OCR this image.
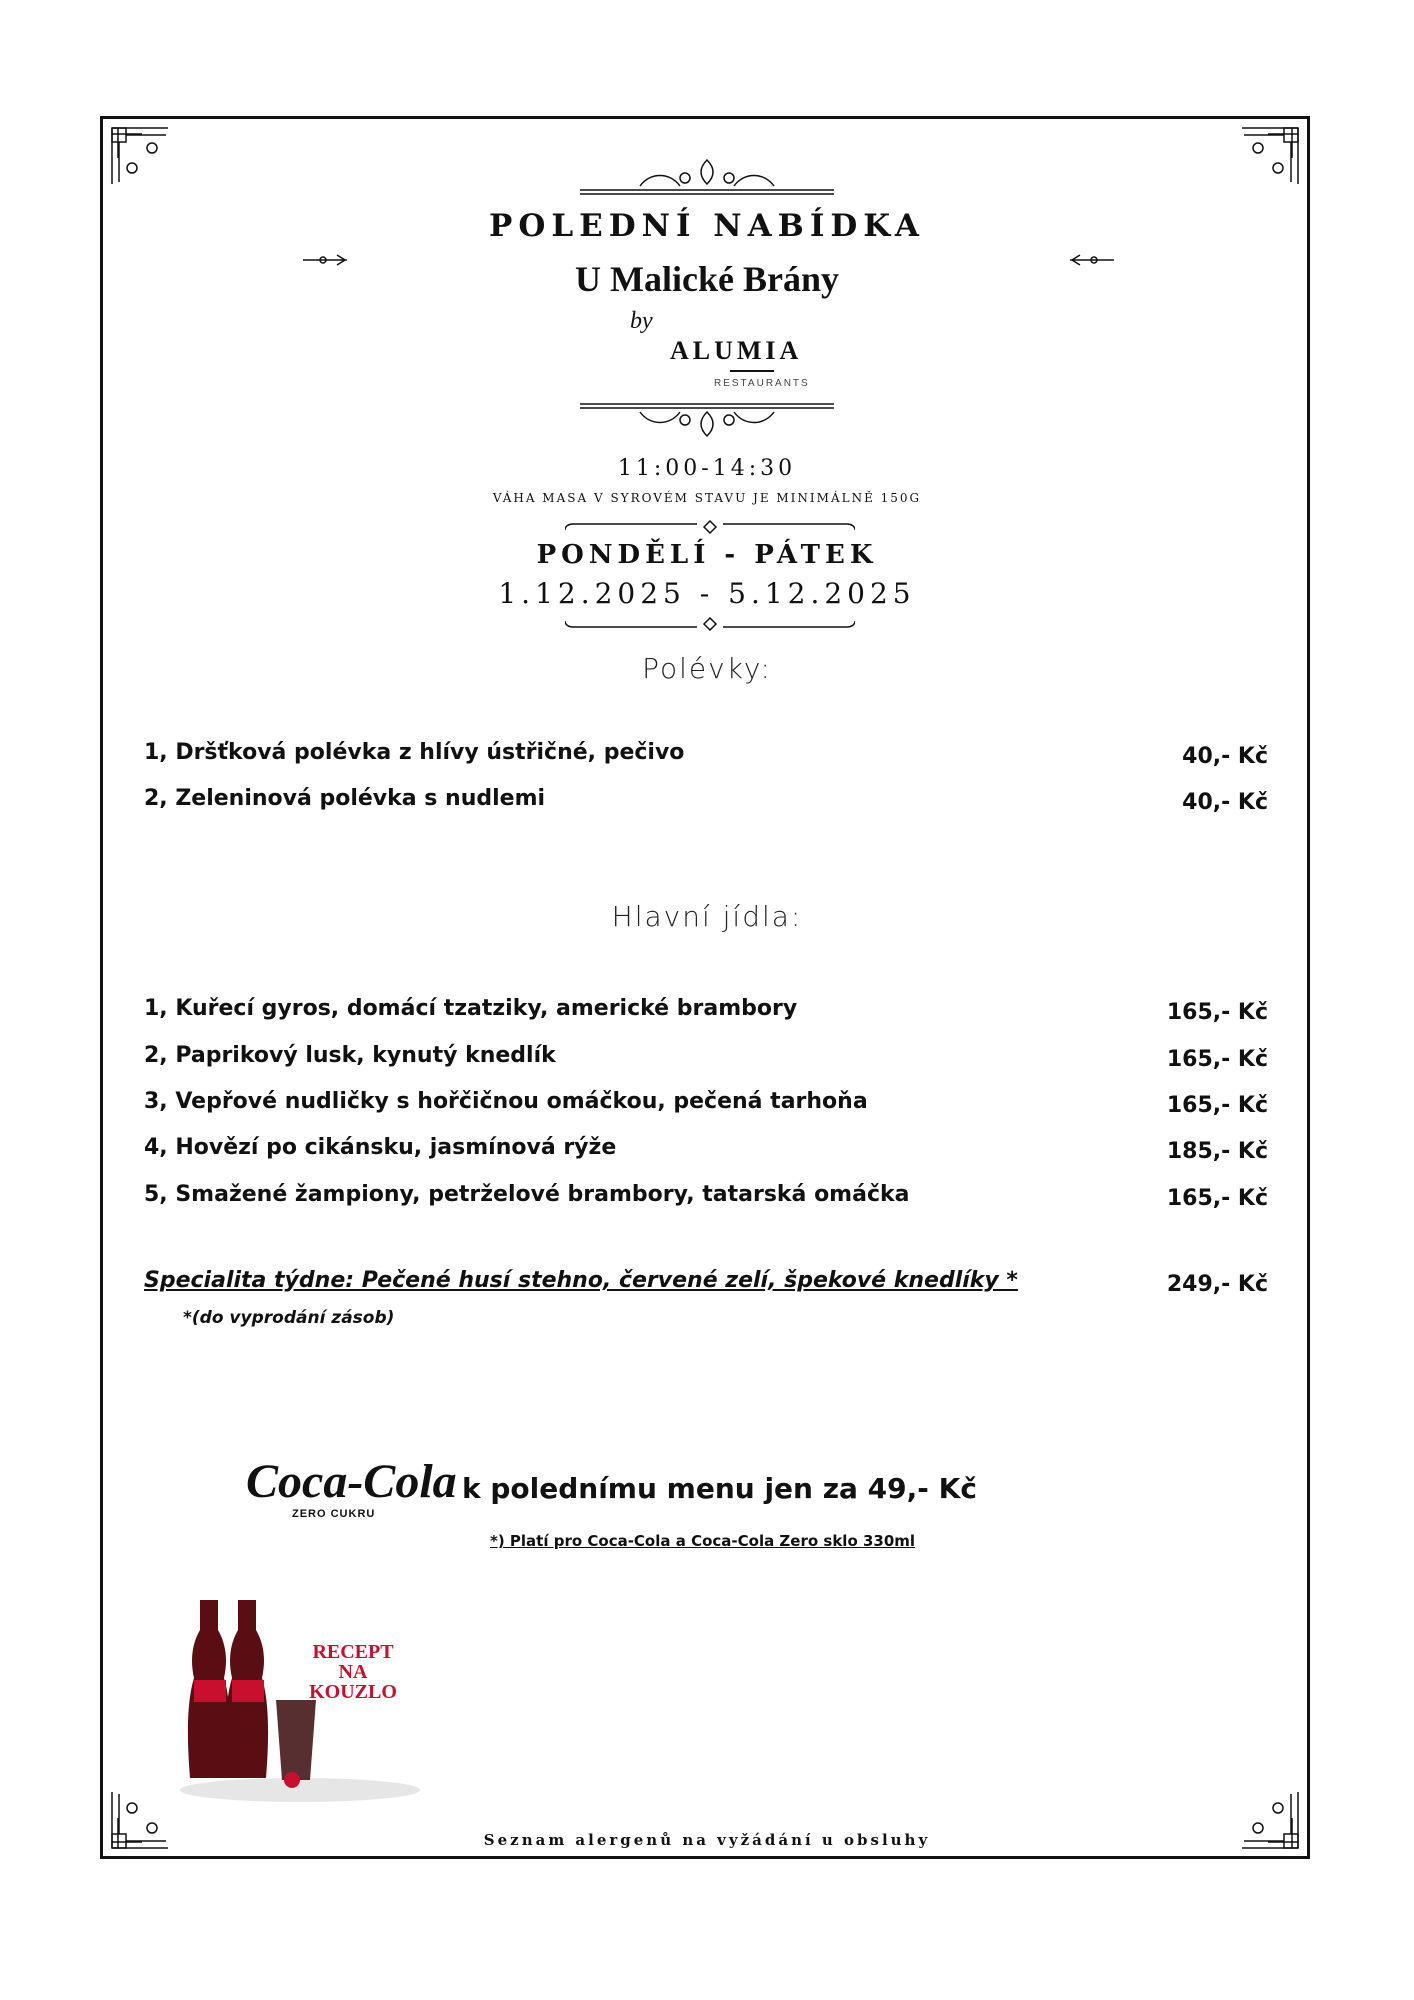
POLEDNÍ NABÍDKA
U Malické Brány
by
ALUMIA
RESTAURANTS
11:00-14:30
VÁHA MASA V SYROVÉM STAVU JE MINIMÁLNĚ 150G
PONDĚLÍ - PÁTEK
1.12.2025 - 5.12.2025
Polévky:
1, Dršťková polévka z hlívy ústřičné, pečivo	40,- Kč
2, Zeleninová polévka s nudlemi	40,- Kč
Hlavní jídla:
1, Kuřecí gyros, domácí tzatziky, americké brambory	165,- Kč
2, Paprikový lusk, kynutý knedlík	165,- Kč
3, Vepřové nudličky s hořčičnou omáčkou, pečená tarhoňa	165,- Kč
4, Hovězí po cikánsku, jasmínová rýže	185,- Kč
5, Smažené žampiony, petrželové brambory, tatarská omáčka	165,- Kč
Specialita týdne: Pečené husí stehno, červené zelí, špekové knedlíky *	249,- Kč
*(do vyprodání zásob)
Coca-Cola
ZERO CUKRU
k polednímu menu jen za 49,- Kč
*) Platí pro Coca-Cola a Coca-Cola Zero sklo 330ml
RECEPT NA KOUZLO
Seznam alergenů na vyžádání u obsluhy
